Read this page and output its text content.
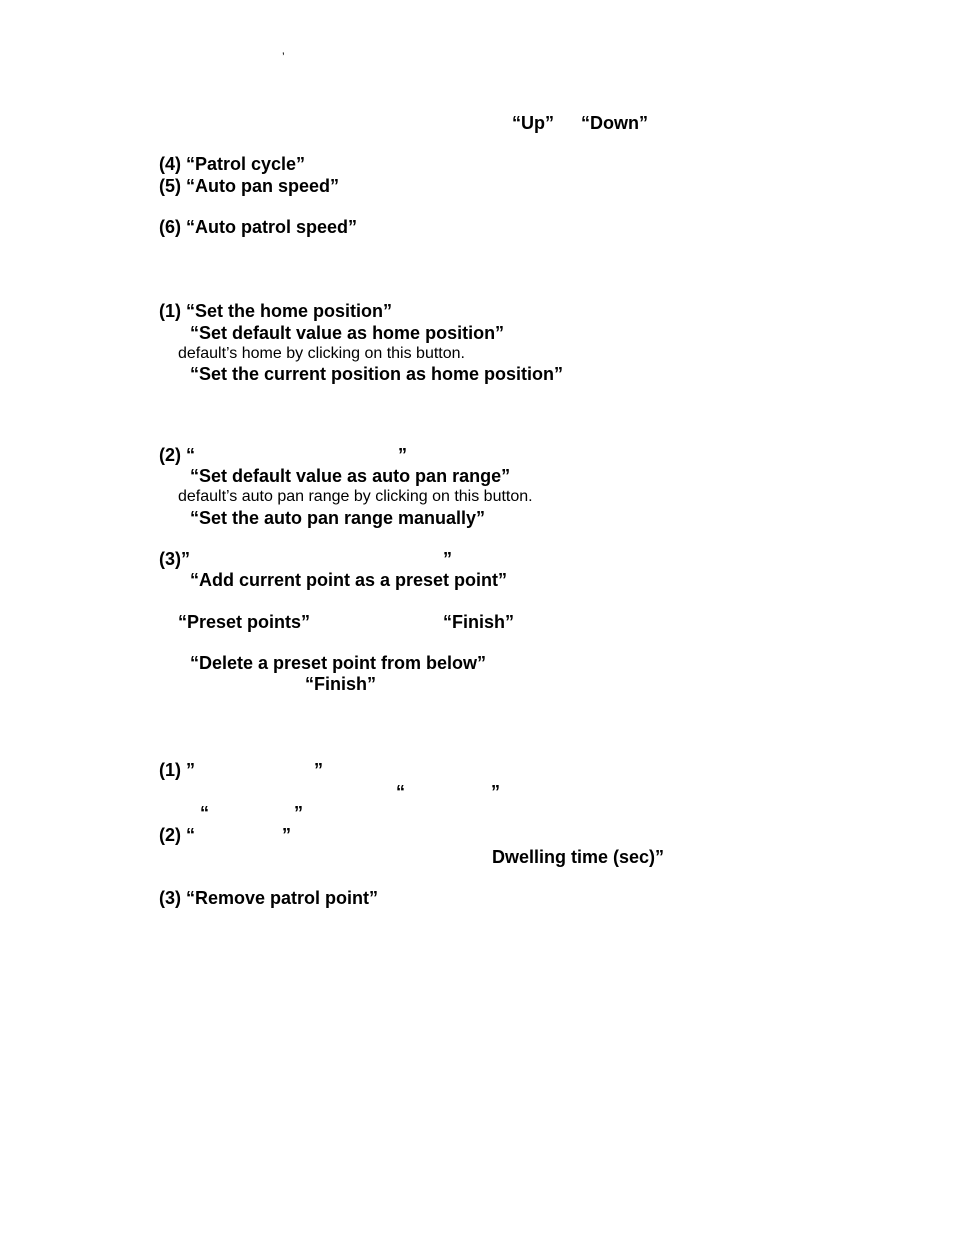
’
“Up” “Down”
(4) “Patrol cycle”
(5) “Auto pan speed”
(6) “Auto patrol speed”
(1) “Set the home position”
“Set default value as home position”
default’s home by clicking on this button.
“Set the current position as home position”
(2) “	”
“Set default value as auto pan range”
default’s auto pan range by clicking on this button.
“Set the auto pan range manually”
(3)”	”
“Add current point as a preset point”
“Preset points”	“Finish”
“Delete a preset point from below”
“Finish”
(1) ”	”
“	”
“	”
(2) “	”
Dwelling time (sec)”
(3) “Remove patrol point”
